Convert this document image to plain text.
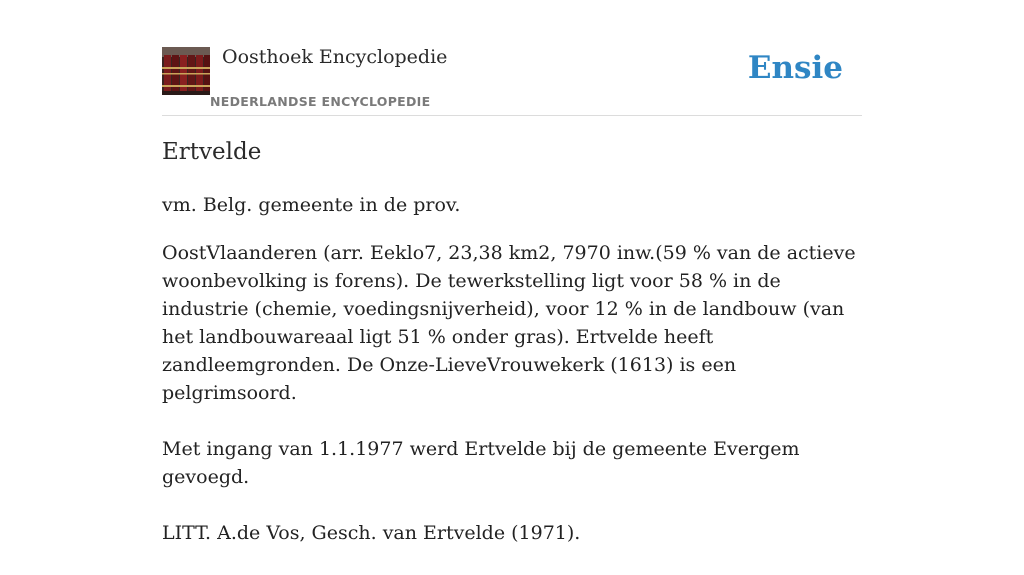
Oosthoek Encyclopedie
NEDERLANDSE ENCYCLOPEDIE
Ensie
Ertvelde

vm. Belg. gemeente in de prov.

OostVlaanderen (arr. Eeklo7, 23,38 km2, 7970 inw.(59 % van de actieve woonbevolking is forens). De tewerkstelling ligt voor 58 % in de industrie (chemie, voedingsnijverheid), voor 12 % in de landbouw (van het landbouwareaal ligt 51 % onder gras). Ertvelde heeft zandleemgronden. De Onze-LieveVrouwekerk (1613) is een pelgrimsoord.

Met ingang van 1.1.1977 werd Ertvelde bij de gemeente Evergem gevoegd.

LITT. A.de Vos, Gesch. van Ertvelde (1971).
